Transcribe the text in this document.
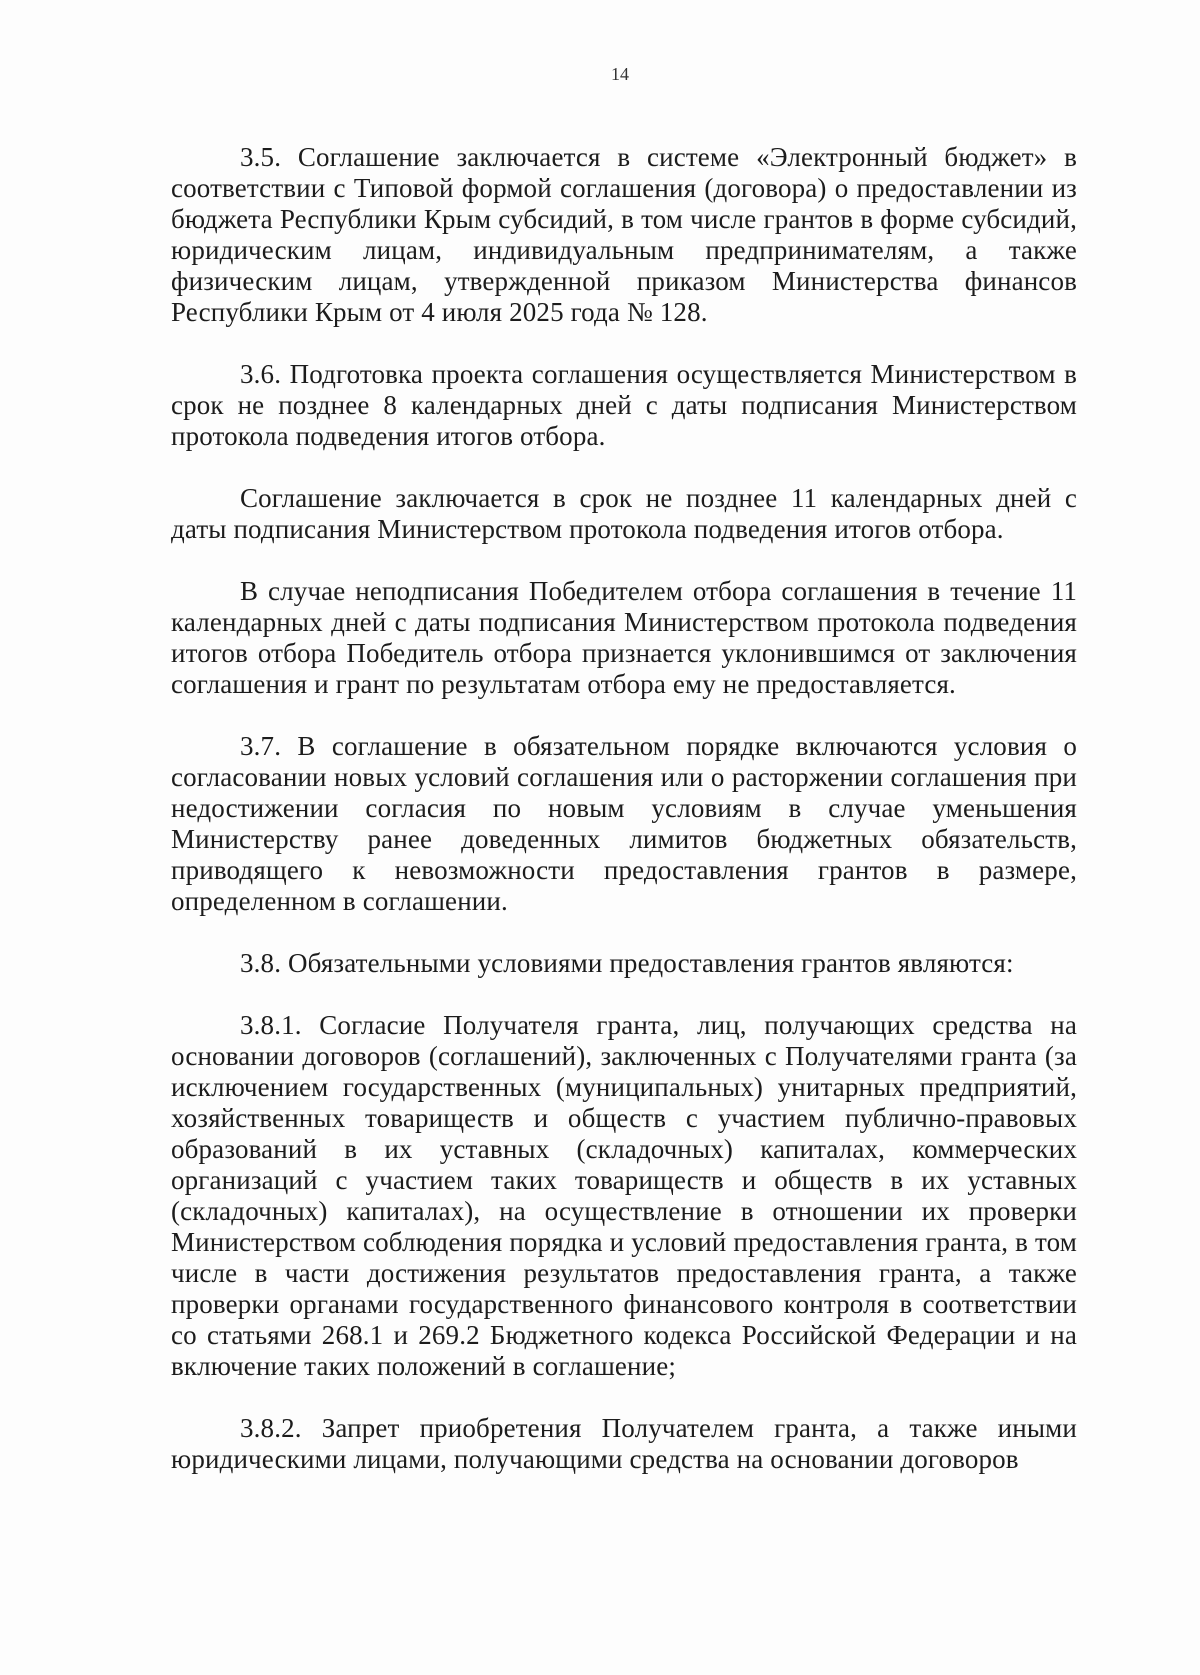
14

3.5. Соглашение заключается в системе «Электронный бюджет» в соответствии с Типовой формой соглашения (договора) о предоставлении из бюджета Республики Крым субсидий, в том числе грантов в форме субсидий, юридическим лицам, индивидуальным предпринимателям, а также физическим лицам, утвержденной приказом Министерства финансов Республики Крым от 4 июля 2025 года № 128.

3.6. Подготовка проекта соглашения осуществляется Министерством в срок не позднее 8 календарных дней с даты подписания Министерством протокола подведения итогов отбора.

Соглашение заключается в срок не позднее 11 календарных дней с даты подписания Министерством протокола подведения итогов отбора.

В случае неподписания Победителем отбора соглашения в течение 11 календарных дней с даты подписания Министерством протокола подведения итогов отбора Победитель отбора признается уклонившимся от заключения соглашения и грант по результатам отбора ему не предоставляется.

3.7. В соглашение в обязательном порядке включаются условия о согласовании новых условий соглашения или о расторжении соглашения при недостижении согласия по новым условиям в случае уменьшения Министерству ранее доведенных лимитов бюджетных обязательств, приводящего к невозможности предоставления грантов в размере, определенном в соглашении.

3.8. Обязательными условиями предоставления грантов являются:

3.8.1. Согласие Получателя гранта, лиц, получающих средства на основании договоров (соглашений), заключенных с Получателями гранта (за исключением государственных (муниципальных) унитарных предприятий, хозяйственных товариществ и обществ с участием публично-правовых образований в их уставных (складочных) капиталах, коммерческих организаций с участием таких товариществ и обществ в их уставных (складочных) капиталах), на осуществление в отношении их проверки Министерством соблюдения порядка и условий предоставления гранта, в том числе в части достижения результатов предоставления гранта, а также проверки органами государственного финансового контроля в соответствии со статьями 268.1 и 269.2 Бюджетного кодекса Российской Федерации и на включение таких положений в соглашение;

3.8.2. Запрет приобретения Получателем гранта, а также иными юридическими лицами, получающими средства на основании договоров
